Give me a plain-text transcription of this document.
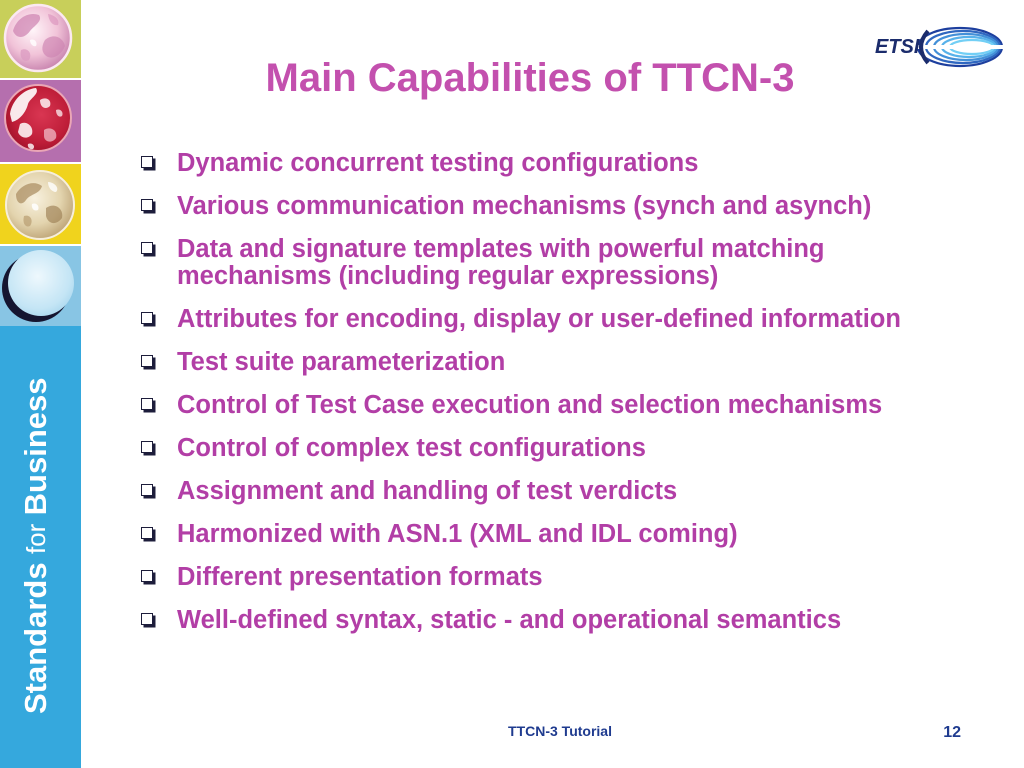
Standards for Business
Main Capabilities of TTCN-3
ETSI
Dynamic concurrent testing configurations
Various communication mechanisms (synch and asynch)
Data and signature templates with powerful matching mechanisms (including regular expressions)
Attributes for encoding, display or user-defined information
Test suite parameterization
Control of Test Case execution and selection mechanisms
Control of complex test configurations
Assignment and handling of test verdicts
Harmonized with ASN.1 (XML and IDL coming)
Different presentation formats
Well-defined syntax, static - and operational semantics
TTCN-3 Tutorial	12
